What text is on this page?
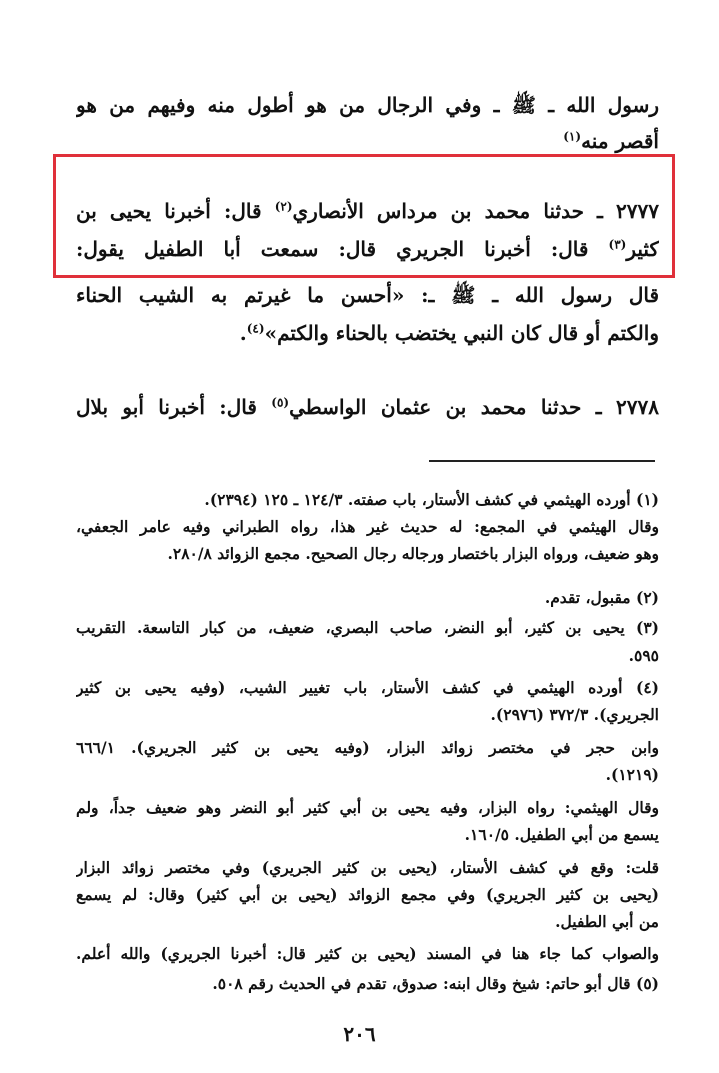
رسول الله ـ ﷺ ـ وفي الرجال من هو أطول منه وفيهم من هو
أقصر منه$^{(١)}$
٢٧٧٧ ـ حدثنا محمد بن مرداس الأنصاري$^{(٢)}$ قال: أخبرنا يحيى بن
كثير$^{(٣)}$ قال: أخبرنا الجريري قال: سمعت أبا الطفيل يقول:
قال رسول الله ـ ﷺ ـ: «أحسن ما غيرتم به الشيب الحناء
والكتم أو قال كان النبي يختضب بالحناء والكتم»$^{(٤)}$.
٢٧٧٨ ـ حدثنا محمد بن عثمان الواسطي$^{(٥)}$ قال: أخبرنا أبو بلال
(١) أورده الهيثمي في كشف الأستار، باب صفته. ١٢٤/٣ ـ ١٢٥ (٢٣٩٤).
وقال الهيثمي في المجمع: له حديث غير هذا، رواه الطبراني وفيه عامر الجعفي،
وهو ضعيف، ورواه البزار باختصار ورجاله رجال الصحيح. مجمع الزوائد ٢٨٠/٨.
(٢) مقبول، تقدم.
(٣) يحيى بن كثير، أبو النضر، صاحب البصري، ضعيف، من كبار التاسعة. التقريب
٥٩٥.
(٤) أورده الهيثمي في كشف الأستار، باب تغيير الشيب، (وفيه يحيى بن كثير
الجريري). ٣٧٢/٣ (٢٩٧٦).
وابن حجر في مختصر زوائد البزار، (وفيه يحيى بن كثير الجريري). ٦٦٦/١
(١٢١٩).
وقال الهيثمي: رواه البزار، وفيه يحيى بن أبي كثير أبو النضر وهو ضعيف جداً، ولم
يسمع من أبي الطفيل. ١٦٠/٥.
قلت: وقع في كشف الأستار، (يحيى بن كثير الجريري) وفي مختصر زوائد البزار
(يحيى بن كثير الجريري) وفي مجمع الزوائد (يحيى بن أبي كثير) وقال: لم يسمع
من أبي الطفيل.
والصواب كما جاء هنا في المسند (يحيى بن كثير قال: أخبرنا الجريري) والله أعلم.
(٥) قال أبو حاتم: شيخ وقال ابنه: صدوق، تقدم في الحديث رقم ٥٠٨.
٢٠٦
